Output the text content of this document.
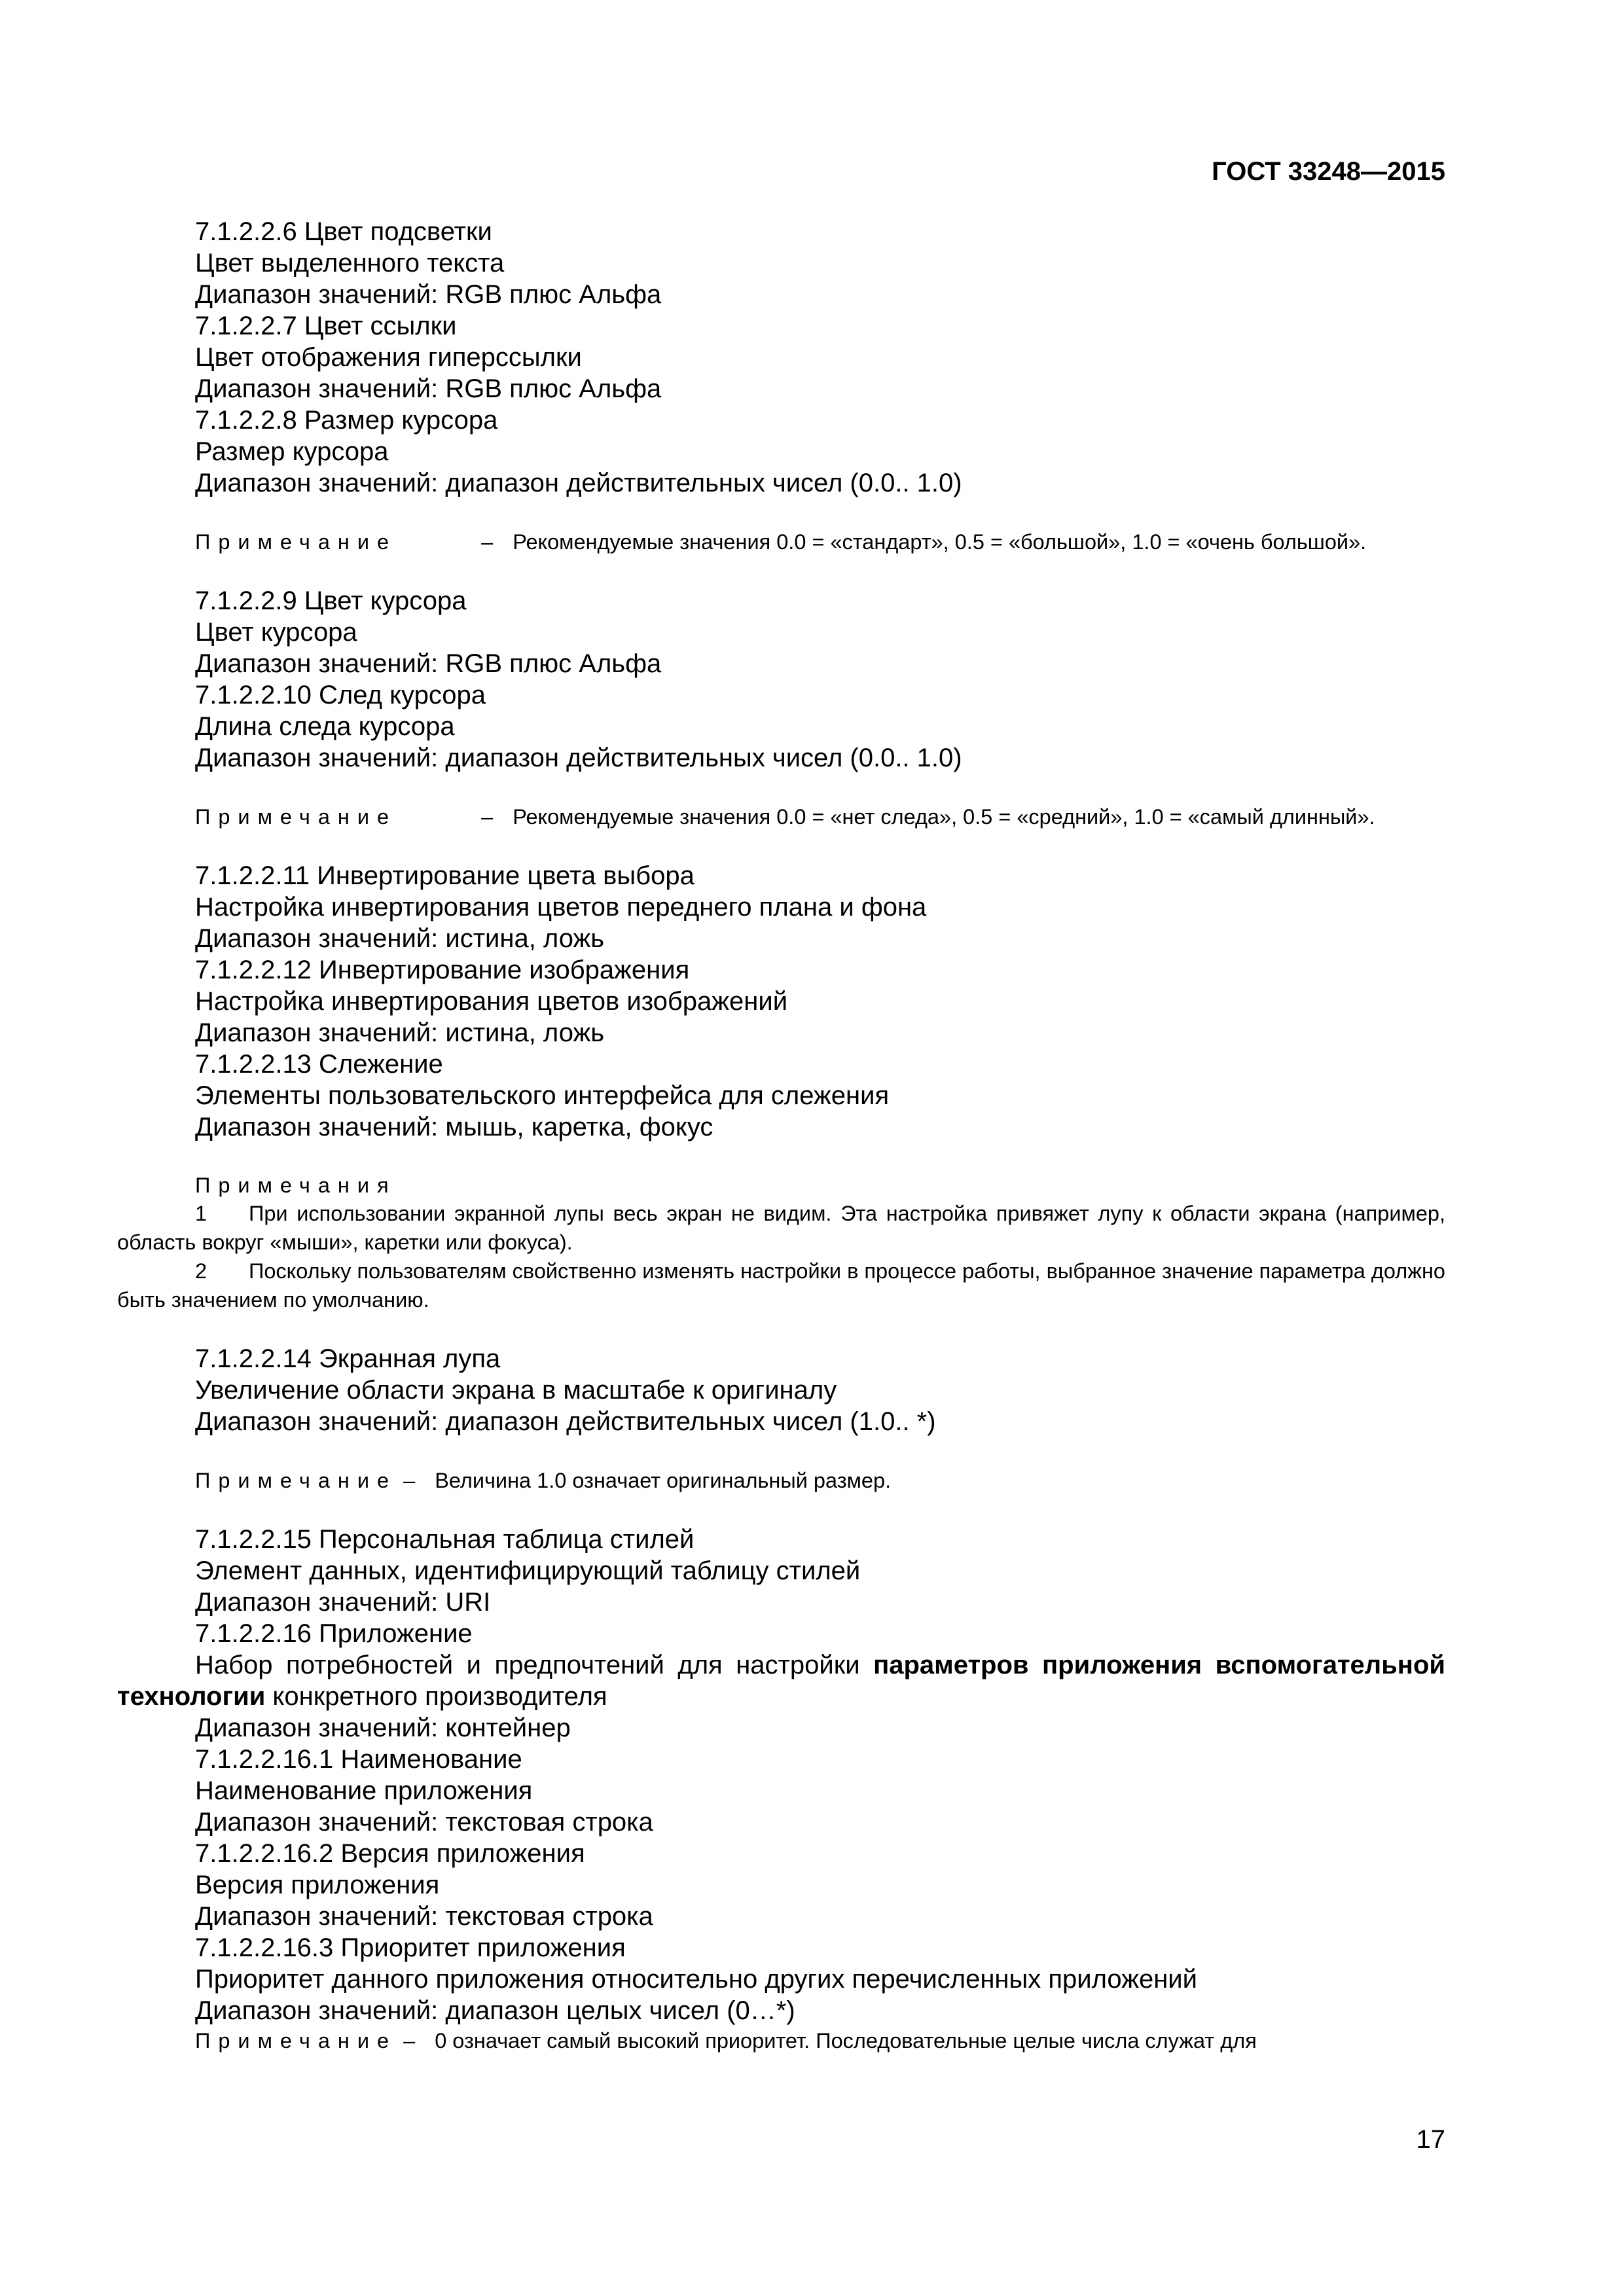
ГОСТ 33248—2015

7.1.2.2.6 Цвет подсветки

Цвет выделенного текста

Диапазон значений: RGB плюс Альфа

7.1.2.2.7 Цвет ссылки

Цвет отображения гиперссылки

Диапазон значений: RGB плюс Альфа

7.1.2.2.8 Размер курсора

Размер курсора

Диапазон значений: диапазон действительных чисел (0.0.. 1.0)

Примечание	– Рекомендуемые значения 0.0 = «стандарт», 0.5 = «большой», 1.0 = «очень большой».

7.1.2.2.9 Цвет курсора

Цвет курсора

Диапазон значений: RGB плюс Альфа

7.1.2.2.10 След курсора

Длина следа курсора

Диапазон значений: диапазон действительных чисел (0.0.. 1.0)

Примечание	– Рекомендуемые значения 0.0 = «нет следа», 0.5 = «средний», 1.0 = «самый длинный».

7.1.2.2.11 Инвертирование цвета выбора

Настройка инвертирования цветов переднего плана и фона

Диапазон значений: истина, ложь

7.1.2.2.12 Инвертирование изображения

Настройка инвертирования цветов изображений

Диапазон значений: истина, ложь

7.1.2.2.13 Слежение

Элементы пользовательского интерфейса для слежения

Диапазон значений: мышь, каретка, фокус

Примечания

1 При использовании экранной лупы весь экран не видим. Эта настройка привяжет лупу к области экрана (например, область вокруг «мыши», каретки или фокуса).

2 Поскольку пользователям свойственно изменять настройки в процессе работы, выбранное значение параметра должно быть значением по умолчанию.

7.1.2.2.14 Экранная лупа

Увеличение области экрана в масштабе к оригиналу

Диапазон значений: диапазон действительных чисел (1.0.. *)

Примечание – Величина 1.0 означает оригинальный размер.

7.1.2.2.15 Персональная таблица стилей

Элемент данных, идентифицирующий таблицу стилей

Диапазон значений: URI

7.1.2.2.16 Приложение

Набор потребностей и предпочтений для настройки параметров приложения вспомогательной технологии конкретного производителя

Диапазон значений: контейнер

7.1.2.2.16.1 Наименование

Наименование приложения

Диапазон значений: текстовая строка

7.1.2.2.16.2 Версия приложения

Версия приложения

Диапазон значений: текстовая строка

7.1.2.2.16.3 Приоритет приложения

Приоритет данного приложения относительно других перечисленных приложений

Диапазон значений: диапазон целых чисел (0…*)

Примечание – 0 означает самый высокий приоритет. Последовательные целые числа служат для

17
